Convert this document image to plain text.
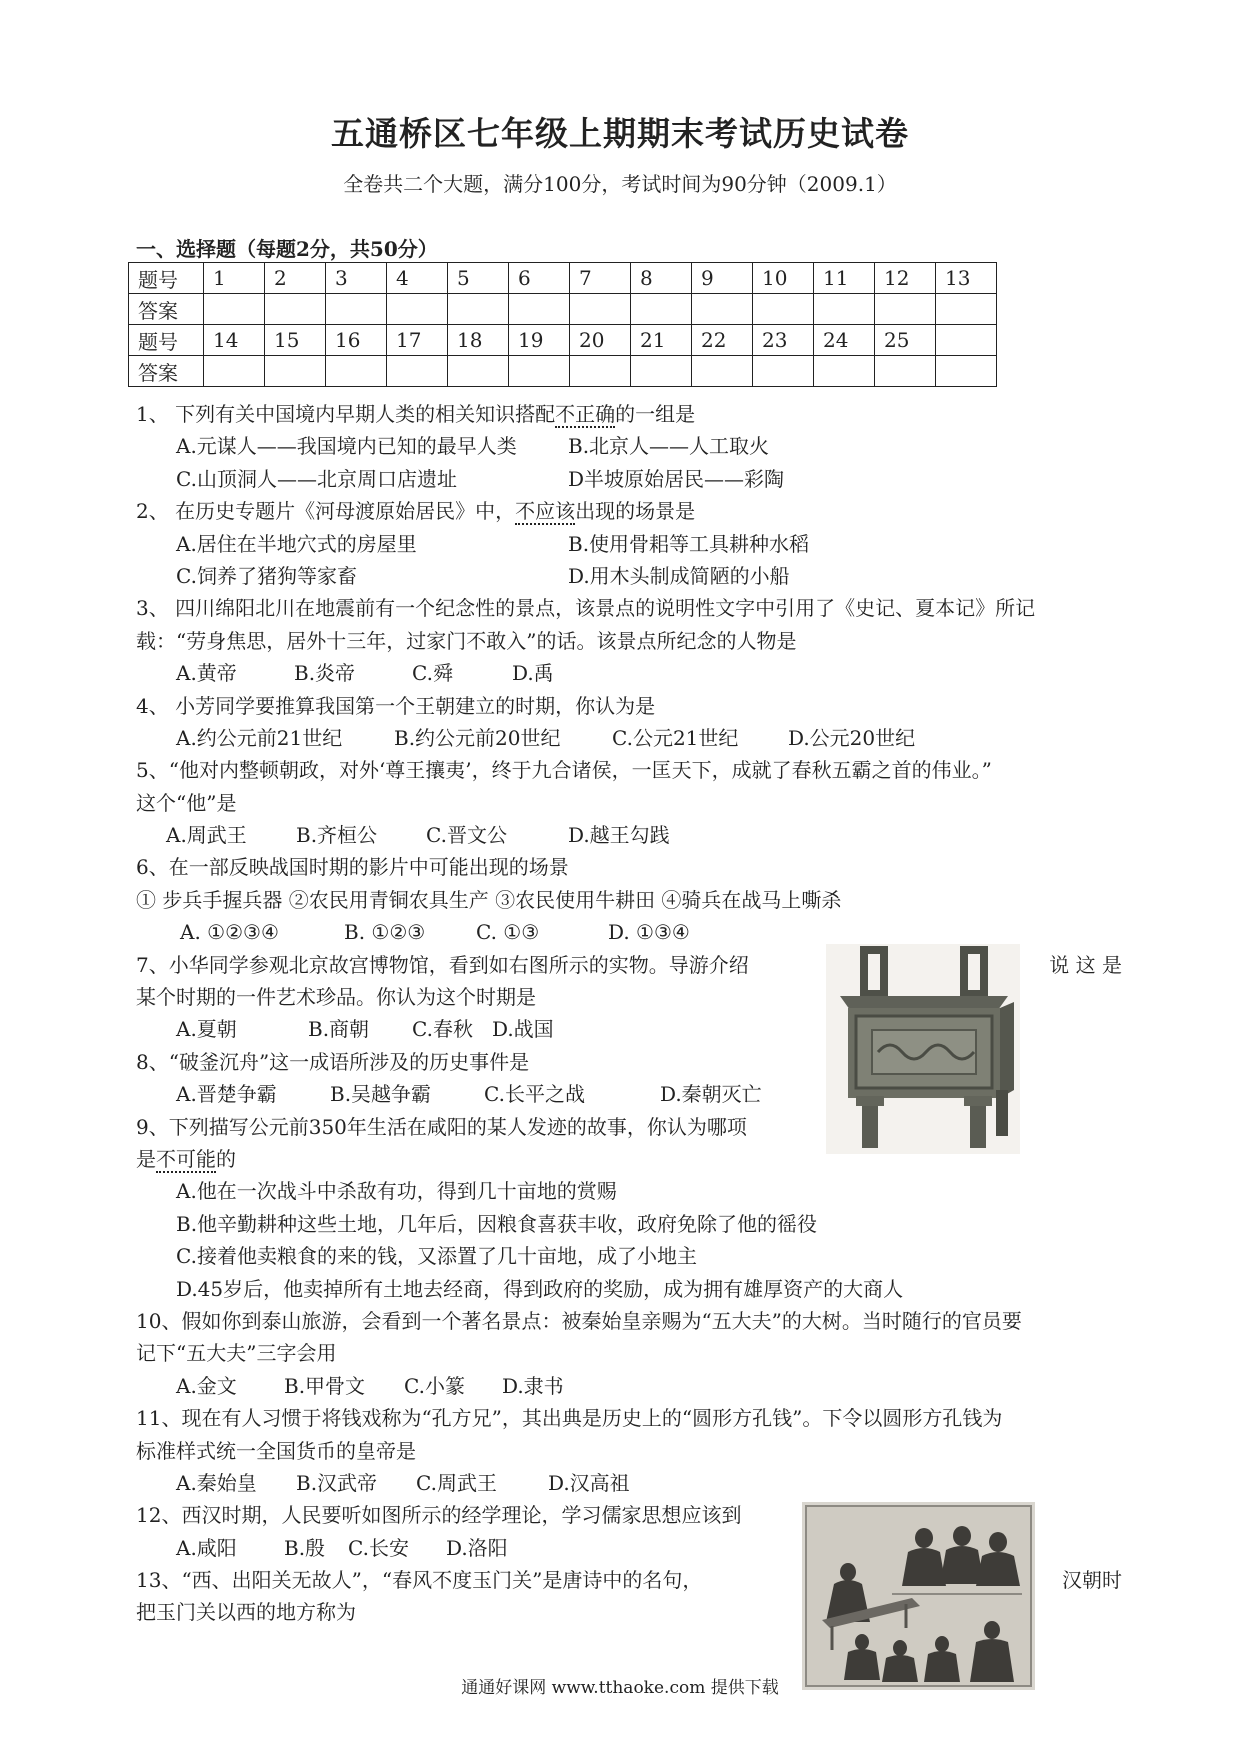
五通桥区七年级上期期末考试历史试卷
全卷共二个大题，满分100分，考试时间为90分钟（2009.1）
一、选择题（每题2分，共50分）
题号	1	2	3	4	5	6	7	8	9	10	11	12	13
答案													
题号	14	15	16	17	18	19	20	21	22	23	24	25	
答案													
1、 下列有关中国境内早期人类的相关知识搭配不正确的一组是
A.元谋人——我国境内已知的最早人类	B.北京人——人工取火
C.山顶洞人——北京周口店遗址	D半坡原始居民——彩陶
2、 在历史专题片《河母渡原始居民》中，不应该出现的场景是
A.居住在半地穴式的房屋里	B.使用骨耜等工具耕种水稻
C.饲养了猪狗等家畜	D.用木头制成简陋的小船
3、 四川绵阳北川在地震前有一个纪念性的景点，该景点的说明性文字中引用了《史记、夏本记》所记
载：“劳身焦思，居外十三年，过家门不敢入”的话。该景点所纪念的人物是
A.黄帝	B.炎帝	C.舜	D.禹
4、 小芳同学要推算我国第一个王朝建立的时期，你认为是
A.约公元前21世纪	B.约公元前20世纪	C.公元21世纪 D.公元20世纪
5、“他对内整顿朝政，对外‘尊王攘夷’，终于九合诸侯，一匡天下，成就了春秋五霸之首的伟业。”
这个“他”是
A.周武王 B.齐桓公 C.晋文公	D.越王勾践
6、在一部反映战国时期的影片中可能出现的场景
① 步兵手握兵器 ②农民用青铜农具生产 ③农民使用牛耕田 ④骑兵在战马上嘶杀
A. ①②③④	B. ①②③	C. ①③	D. ①③④
7、小华同学参观北京故宫博物馆，看到如右图所示的实物。导游介绍	说 这 是
某个时期的一件艺术珍品。你认为这个时期是
A.夏朝	B.商朝 C.春秋 D.战国
8、“破釜沉舟”这一成语所涉及的历史事件是
A.晋楚争霸	B.吴越争霸	C.长平之战	D.秦朝灭亡
9、下列描写公元前350年生活在咸阳的某人发迹的故事，你认为哪项
是不可能的
A.他在一次战斗中杀敌有功，得到几十亩地的赏赐
B.他辛勤耕种这些土地，几年后，因粮食喜获丰收，政府免除了他的徭役
C.接着他卖粮食的来的钱，又添置了几十亩地，成了小地主
D.45岁后，他卖掉所有土地去经商，得到政府的奖励，成为拥有雄厚资产的大商人
10、假如你到泰山旅游，会看到一个著名景点：被秦始皇亲赐为“五大夫”的大树。当时随行的官员要
记下“五大夫”三字会用
A.金文 B.甲骨文 C.小篆 D.隶书
11、现在有人习惯于将钱戏称为“孔方兄”，其出典是历史上的“圆形方孔钱”。下令以圆形方孔钱为
标准样式统一全国货币的皇帝是
A.秦始皇 B.汉武帝 C.周武王	D.汉高祖
12、西汉时期，人民要听如图所示的经学理论，学习儒家思想应该到
A.咸阳 B.殷 C.长安 D.洛阳
13、“西、出阳关无故人”，“春风不度玉门关”是唐诗中的名句，	汉朝时
把玉门关以西的地方称为
通通好课网 www.tthaoke.com 提供下载
